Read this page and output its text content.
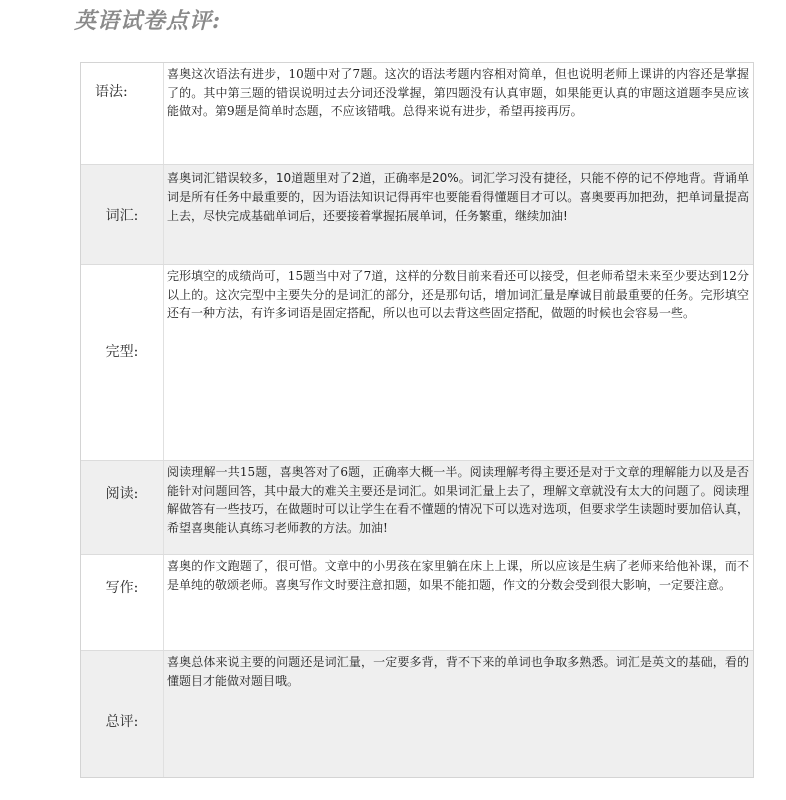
英语试卷点评:
语法:
喜奥这次语法有进步，10题中对了7题。这次的语法考题内容相对简单，但也说明老师上课讲的内容还是掌握了的。其中第三题的错误说明过去分词还没掌握，第四题没有认真审题，如果能更认真的审题这道题李昊应该能做对。第9题是简单时态题，不应该错哦。总得来说有进步，希望再接再厉。
词汇:
喜奥词汇错误较多，10道题里对了2道，正确率是20%。词汇学习没有捷径，只能不停的记不停地背。背诵单词是所有任务中最重要的，因为语法知识记得再牢也要能看得懂题目才可以。喜奥要再加把劲，把单词量提高上去，尽快完成基础单词后，还要接着掌握拓展单词，任务繁重，继续加油!
完型:
完形填空的成绩尚可，15题当中对了7道，这样的分数目前来看还可以接受，但老师希望未来至少要达到12分以上的。这次完型中主要失分的是词汇的部分，还是那句话，增加词汇量是摩诚目前最重要的任务。完形填空还有一种方法，有许多词语是固定搭配，所以也可以去背这些固定搭配，做题的时候也会容易一些。
阅读:
阅读理解一共15题，喜奥答对了6题，正确率大概一半。阅读理解考得主要还是对于文章的理解能力以及是否能针对问题回答，其中最大的难关主要还是词汇。如果词汇量上去了，理解文章就没有太大的问题了。阅读理解做答有一些技巧，在做题时可以让学生在看不懂题的情况下可以选对选项，但要求学生读题时要加倍认真，希望喜奥能认真练习老师教的方法。加油!
写作:
喜奥的作文跑题了，很可惜。文章中的小男孩在家里躺在床上上课，所以应该是生病了老师来给他补课，而不是单纯的敬颂老师。喜奥写作文时要注意扣题，如果不能扣题，作文的分数会受到很大影响，一定要注意。
总评:
喜奥总体来说主要的问题还是词汇量，一定要多背，背不下来的单词也争取多熟悉。词汇是英文的基础，看的懂题目才能做对题目哦。
